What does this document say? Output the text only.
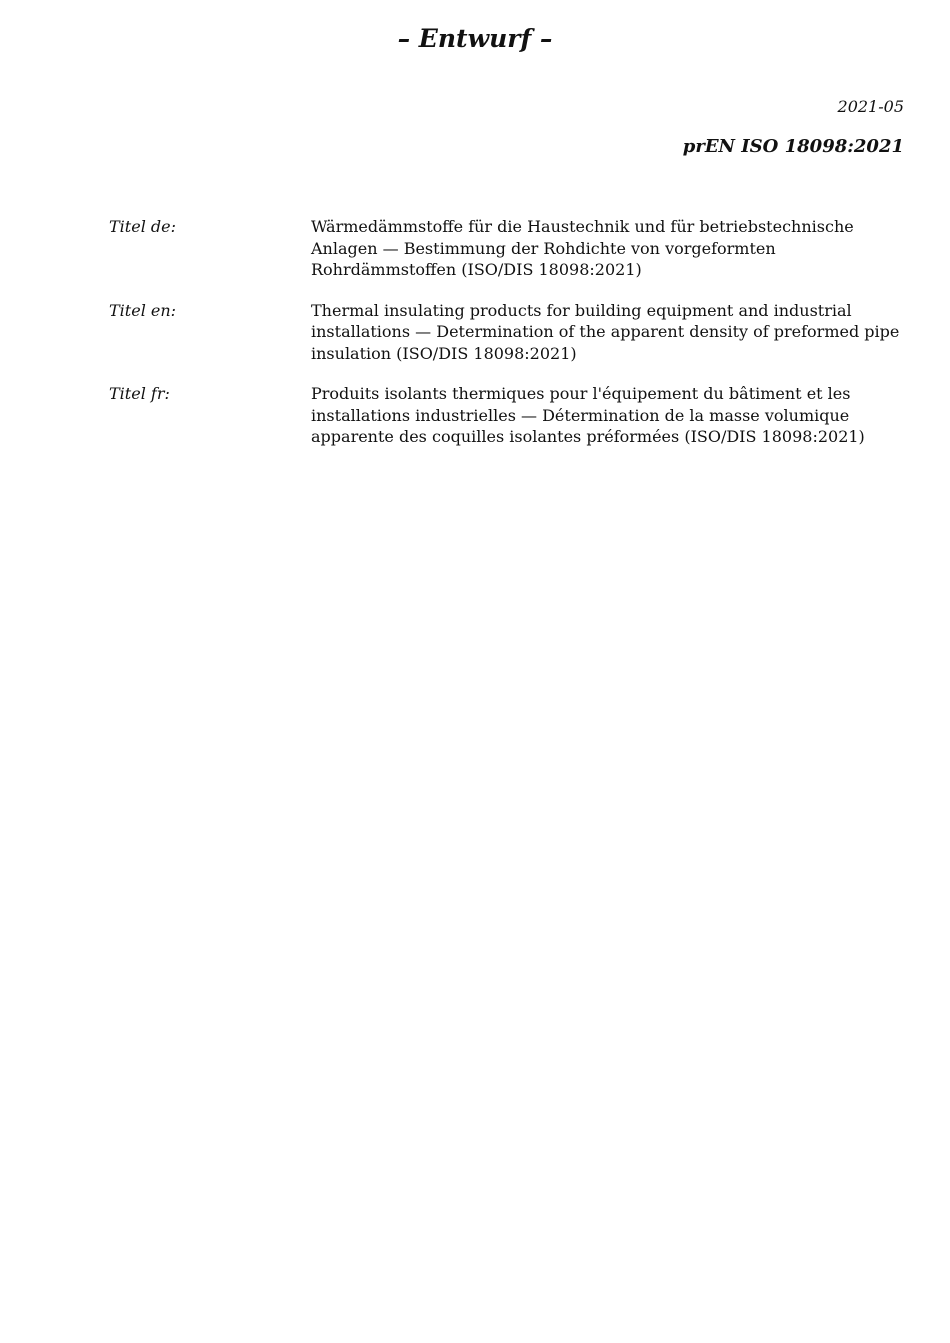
– Entwurf –
2021-05
prEN ISO 18098:2021
Titel de:	Wärmedämmstoffe für die Haustechnik und für betriebstechnische Anlagen — Bestimmung der Rohdichte von vorgeformten Rohrdämmstoffen (ISO/DIS 18098:2021)
Titel en:	Thermal insulating products for building equipment and industrial installations — Determination of the apparent density of preformed pipe insulation (ISO/DIS 18098:2021)
Titel fr:	Produits isolants thermiques pour l'équipement du bâtiment et les installations industrielles — Détermination de la masse volumique apparente des coquilles isolantes préformées (ISO/DIS 18098:2021)
